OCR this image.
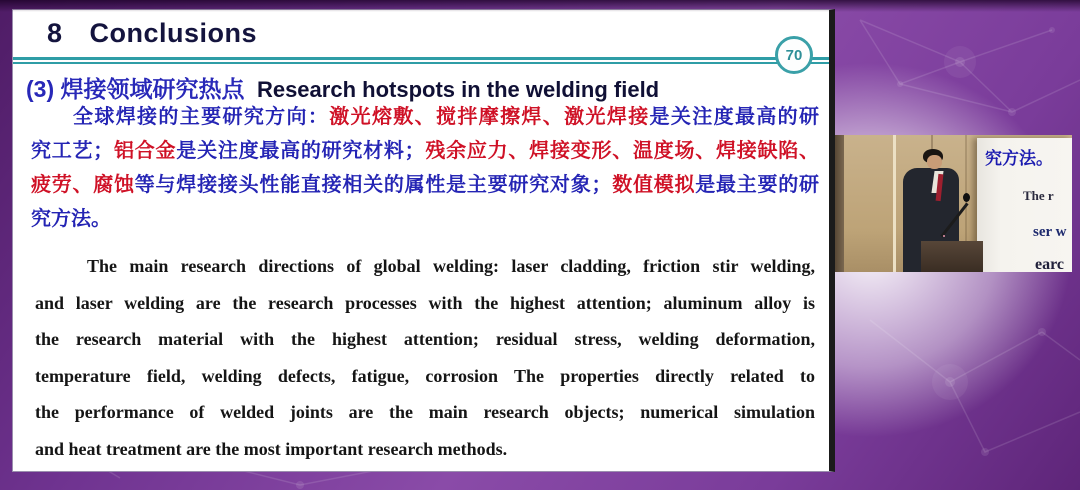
8 Conclusions
70
(3) 焊接领域研究热点 Research hotspots in the welding field
全球焊接的主要研究方向：激光熔敷、搅拌摩擦焊、激光焊接是关注度最高的研
究工艺；铝合金是关注度最高的研究材料；残余应力、焊接变形、温度场、焊接缺陷、
疲劳、腐蚀等与焊接接头性能直接相关的属性是主要研究对象；数值模拟是最主要的研
究方法。
The main research directions of global welding: laser cladding, friction stir welding,
and laser welding are the research processes with the highest attention; aluminum alloy is
the research material with the highest attention; residual stress, welding deformation,
temperature field, welding defects, fatigue, corrosion The properties directly related to
the performance of welded joints are the main research objects; numerical simulation
and heat treatment are the most important research methods.
究方法。
The r
ser w
earc
